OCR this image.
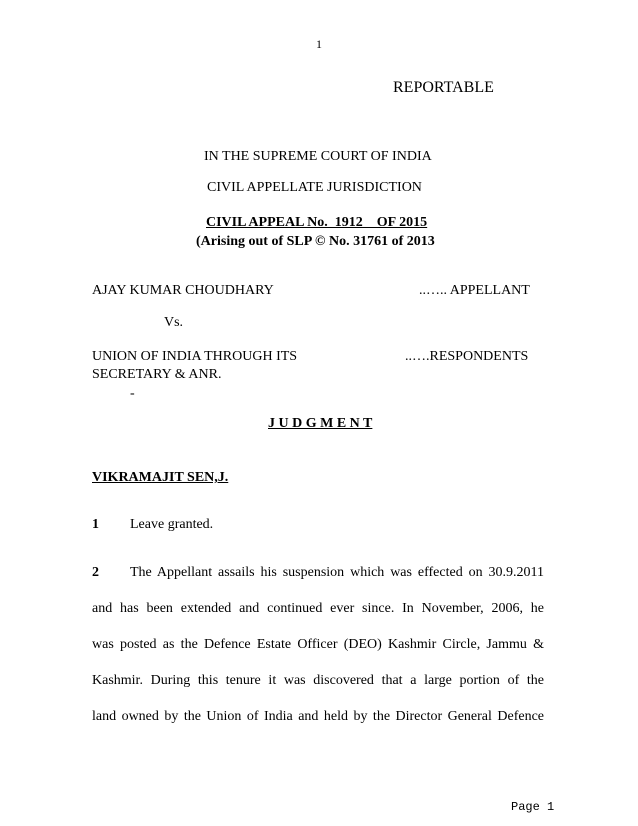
1
REPORTABLE
IN THE SUPREME COURT OF INDIA
CIVIL APPELLATE JURISDICTION
CIVIL APPEAL No.  1912    OF 2015
(Arising out of SLP © No. 31761 of 2013
AJAY KUMAR CHOUDHARY	..….. APPELLANT
Vs.
UNION OF INDIA THROUGH ITS	..….RESPONDENTS
SECRETARY & ANR.
-
J U D G M E N T
VIKRAMAJIT SEN,J.
1 Leave granted.
2 The Appellant assails his suspension which was effected on 30.9.2011
and has been extended and continued ever since. In November, 2006, he
was posted as the Defence Estate Officer (DEO) Kashmir Circle, Jammu &
Kashmir. During this tenure it was discovered that a large portion of the
land owned by the Union of India and held by the Director General Defence
Page 1
